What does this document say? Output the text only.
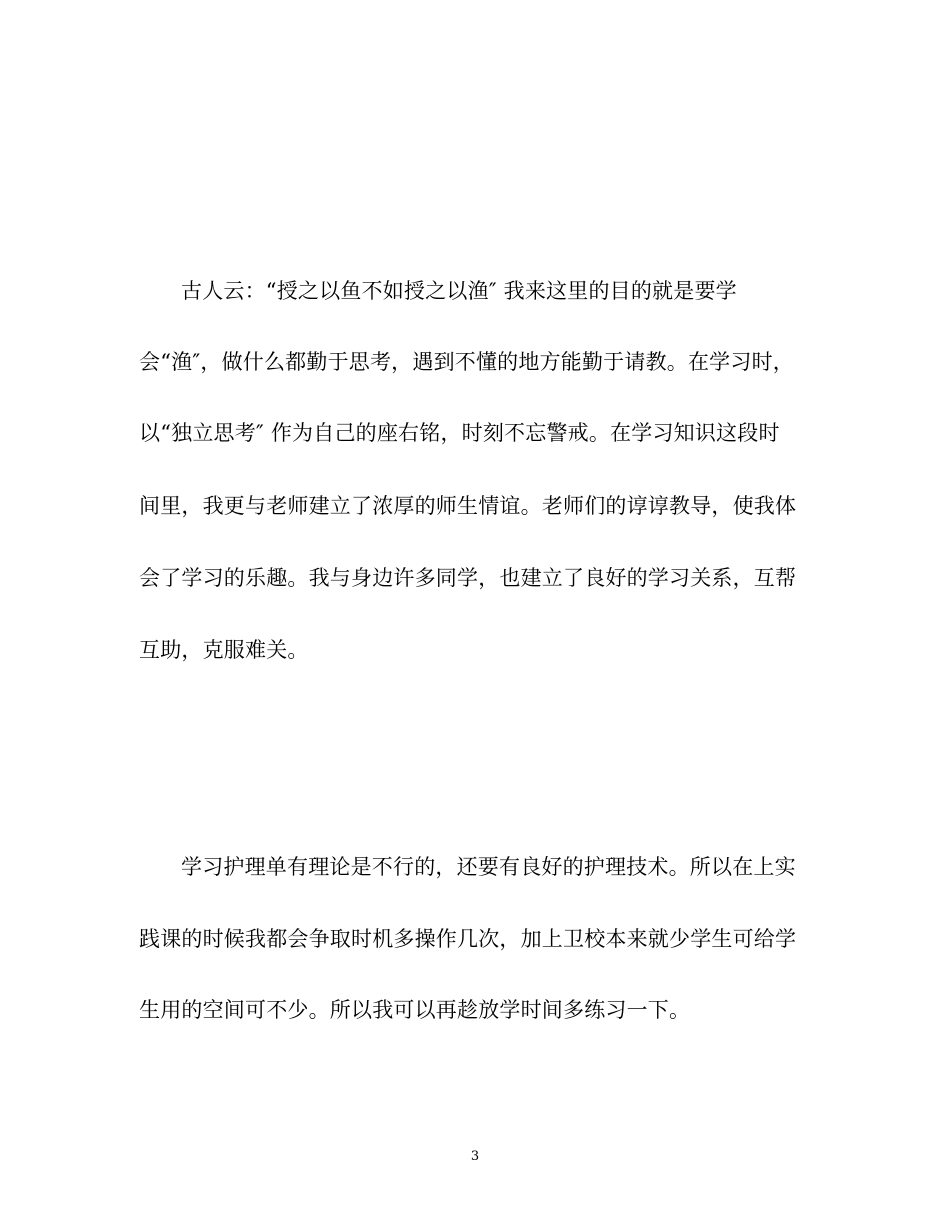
古人云：“授之以鱼不如授之以渔″ 我来这里的目的就是要学
会“渔″，做什么都勤于思考，遇到不懂的地方能勤于请教。在学习时，
以“独立思考″ 作为自己的座右铭，时刻不忘警戒。在学习知识这段时
间里，我更与老师建立了浓厚的师生情谊。老师们的谆谆教导，使我体
会了学习的乐趣。我与身边许多同学，也建立了良好的学习关系，互帮
互助，克服难关。
学习护理单有理论是不行的，还要有良好的护理技术。所以在上实
践课的时候我都会争取时机多操作几次，加上卫校本来就少学生可给学
生用的空间可不少。所以我可以再趁放学时间多练习一下。
3
